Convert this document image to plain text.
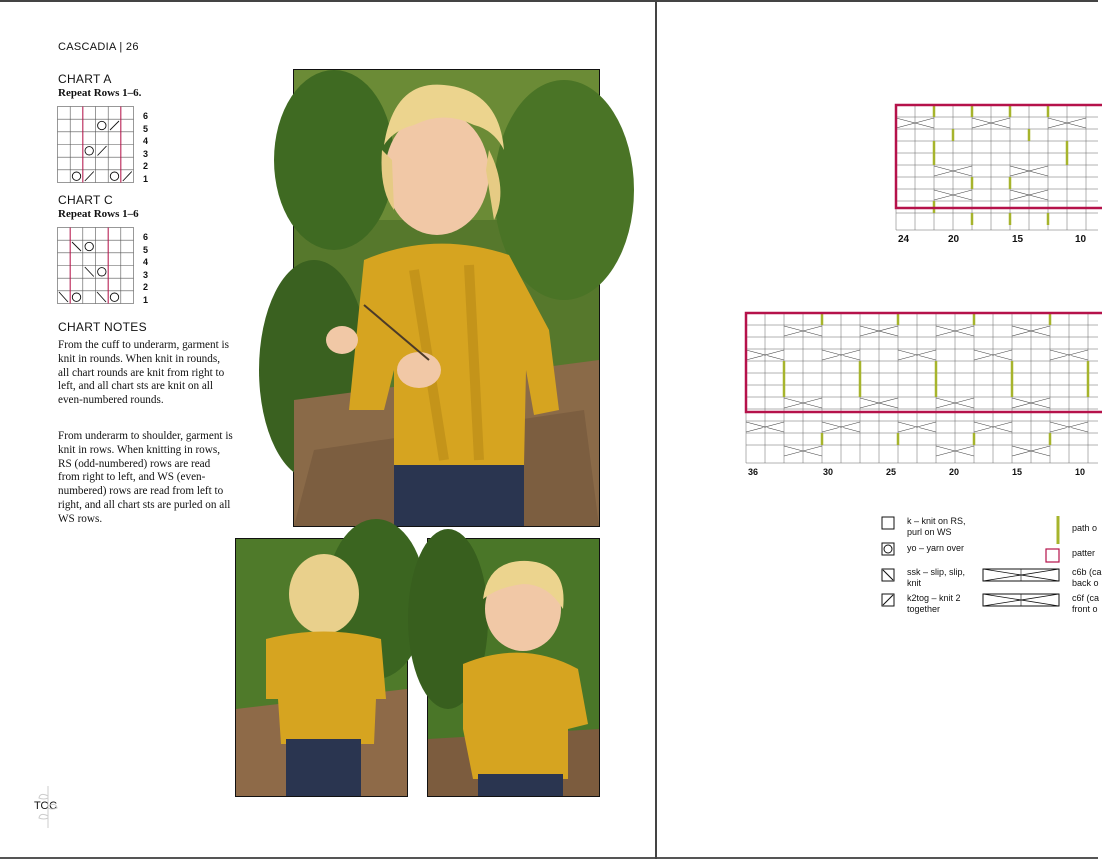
CASCADIA | 26
CHART A
Repeat Rows 1–6.
6
5
4
3
2
1
CHART C
Repeat Rows 1–6
6
5
4
3
2
1
CHART NOTES

From the cuff to underarm, garment is knit in rounds. When knit in rounds, all chart rounds are knit from right to left, and all chart sts are knit on all even-numbered rounds.

From underarm to shoulder, garment is knit in rows. When knitting in rows, RS (odd-numbered) rows are read from right to left, and WS (even-numbered) rows are read from left to right, and all chart sts are purled on all WS rows.

TOC
24	20	15	10
36	30	25	20	15	10
k – knit on RS, purl on WS
yo – yarn over
ssk – slip, slip, knit
k2tog – knit 2 together
path o
patter
c6b (ca back o
c6f (ca front o
